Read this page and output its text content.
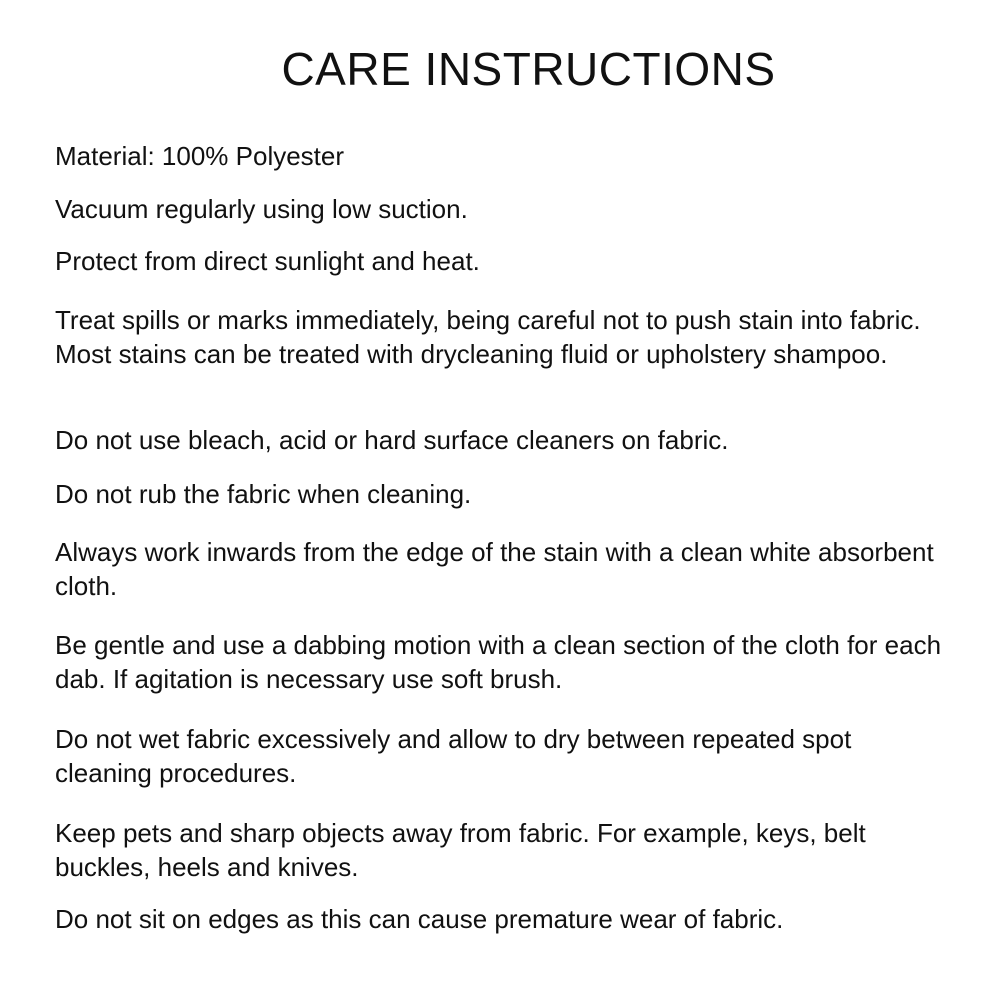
CARE INSTRUCTIONS

Material: 100% Polyester

Vacuum regularly using low suction.

Protect from direct sunlight and heat.

Treat spills or marks immediately, being careful not to push stain into fabric. Most stains can be treated with drycleaning fluid or upholstery shampoo.

Do not use bleach, acid or hard surface cleaners on fabric.

Do not rub the fabric when cleaning.

Always work inwards from the edge of the stain with a clean white absorbent cloth.

Be gentle and use a dabbing motion with a clean section of the cloth for each dab. If agitation is necessary use soft brush.

Do not wet fabric excessively and allow to dry between repeated spot cleaning procedures.

Keep pets and sharp objects away from fabric. For example, keys, belt buckles, heels and knives.

Do not sit on edges as this can cause premature wear of fabric.
